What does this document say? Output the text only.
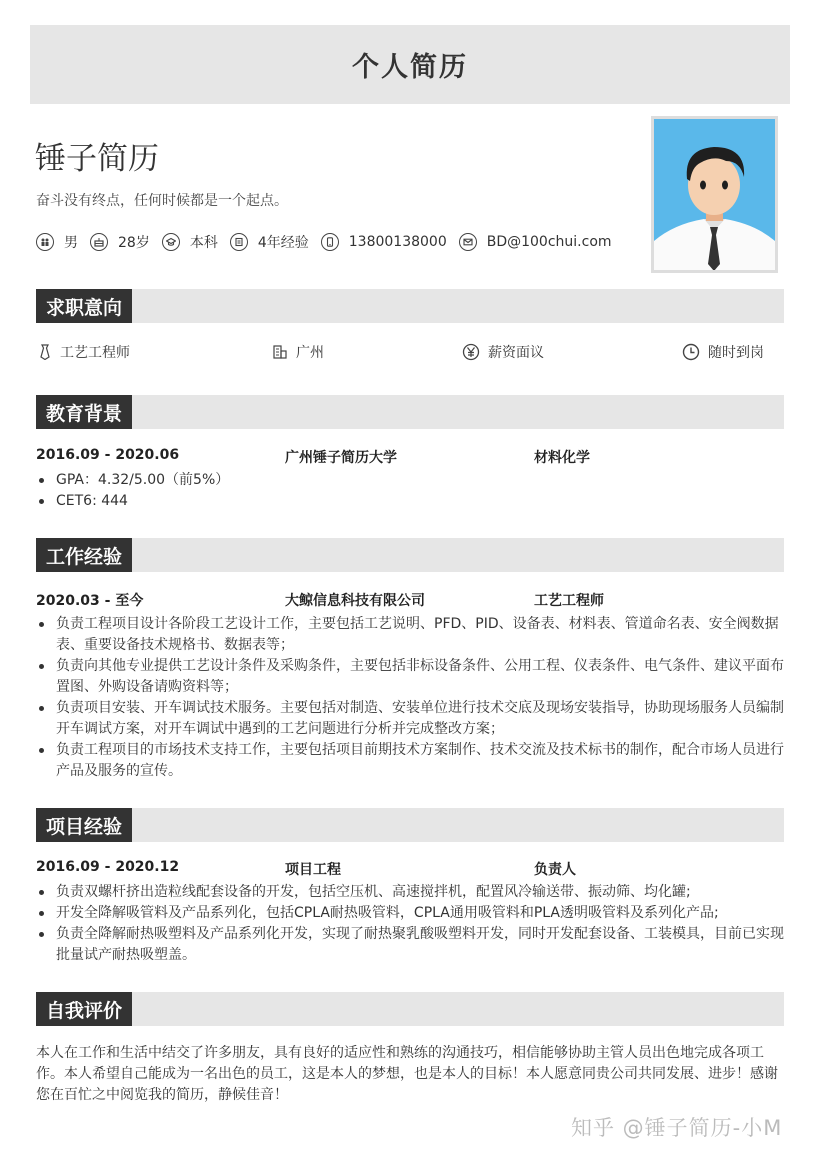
个人简历
锤子简历
奋斗没有终点，任何时候都是一个起点。
男	28岁	本科	4年经验	13800138000	BD@100chui.com
求职意向
工艺工程师	广州	薪资面议	随时到岗
教育背景
2016.09 - 2020.06	广州锤子简历大学	材料化学
GPA：4.32/5.00（前5%）
CET6: 444
工作经验
2020.03 - 至今	大鲸信息科技有限公司	工艺工程师
负责工程项目设计各阶段工艺设计工作，主要包括工艺说明、PFD、PID、设备表、材料表、管道命名表、安全阀数据表、重要设备技术规格书、数据表等；
负责向其他专业提供工艺设计条件及采购条件，主要包括非标设备条件、公用工程、仪表条件、电气条件、建议平面布置图、外购设备请购资料等；
负责项目安装、开车调试技术服务。主要包括对制造、安装单位进行技术交底及现场安装指导，协助现场服务人员编制开车调试方案，对开车调试中遇到的工艺问题进行分析并完成整改方案；
负责工程项目的市场技术支持工作，主要包括项目前期技术方案制作、技术交流及技术标书的制作，配合市场人员进行产品及服务的宣传。
项目经验
2016.09 - 2020.12	项目工程	负责人
负责双螺杆挤出造粒线配套设备的开发，包括空压机、高速搅拌机，配置风冷输送带、振动筛、均化罐;
开发全降解吸管料及产品系列化，包括CPLA耐热吸管料，CPLA通用吸管料和PLA透明吸管料及系列化产品;
负责全降解耐热吸塑料及产品系列化开发，实现了耐热聚乳酸吸塑料开发，同时开发配套设备、工装模具，目前已实现批量试产耐热吸塑盖。
自我评价
本人在工作和生活中结交了许多朋友，具有良好的适应性和熟练的沟通技巧，相信能够协助主管人员出色地完成各项工作。本人希望自己能成为一名出色的员工，这是本人的梦想，也是本人的目标！本人愿意同贵公司共同发展、进步！感谢您在百忙之中阅览我的简历，静候佳音！
知乎 @锤子简历-小M
